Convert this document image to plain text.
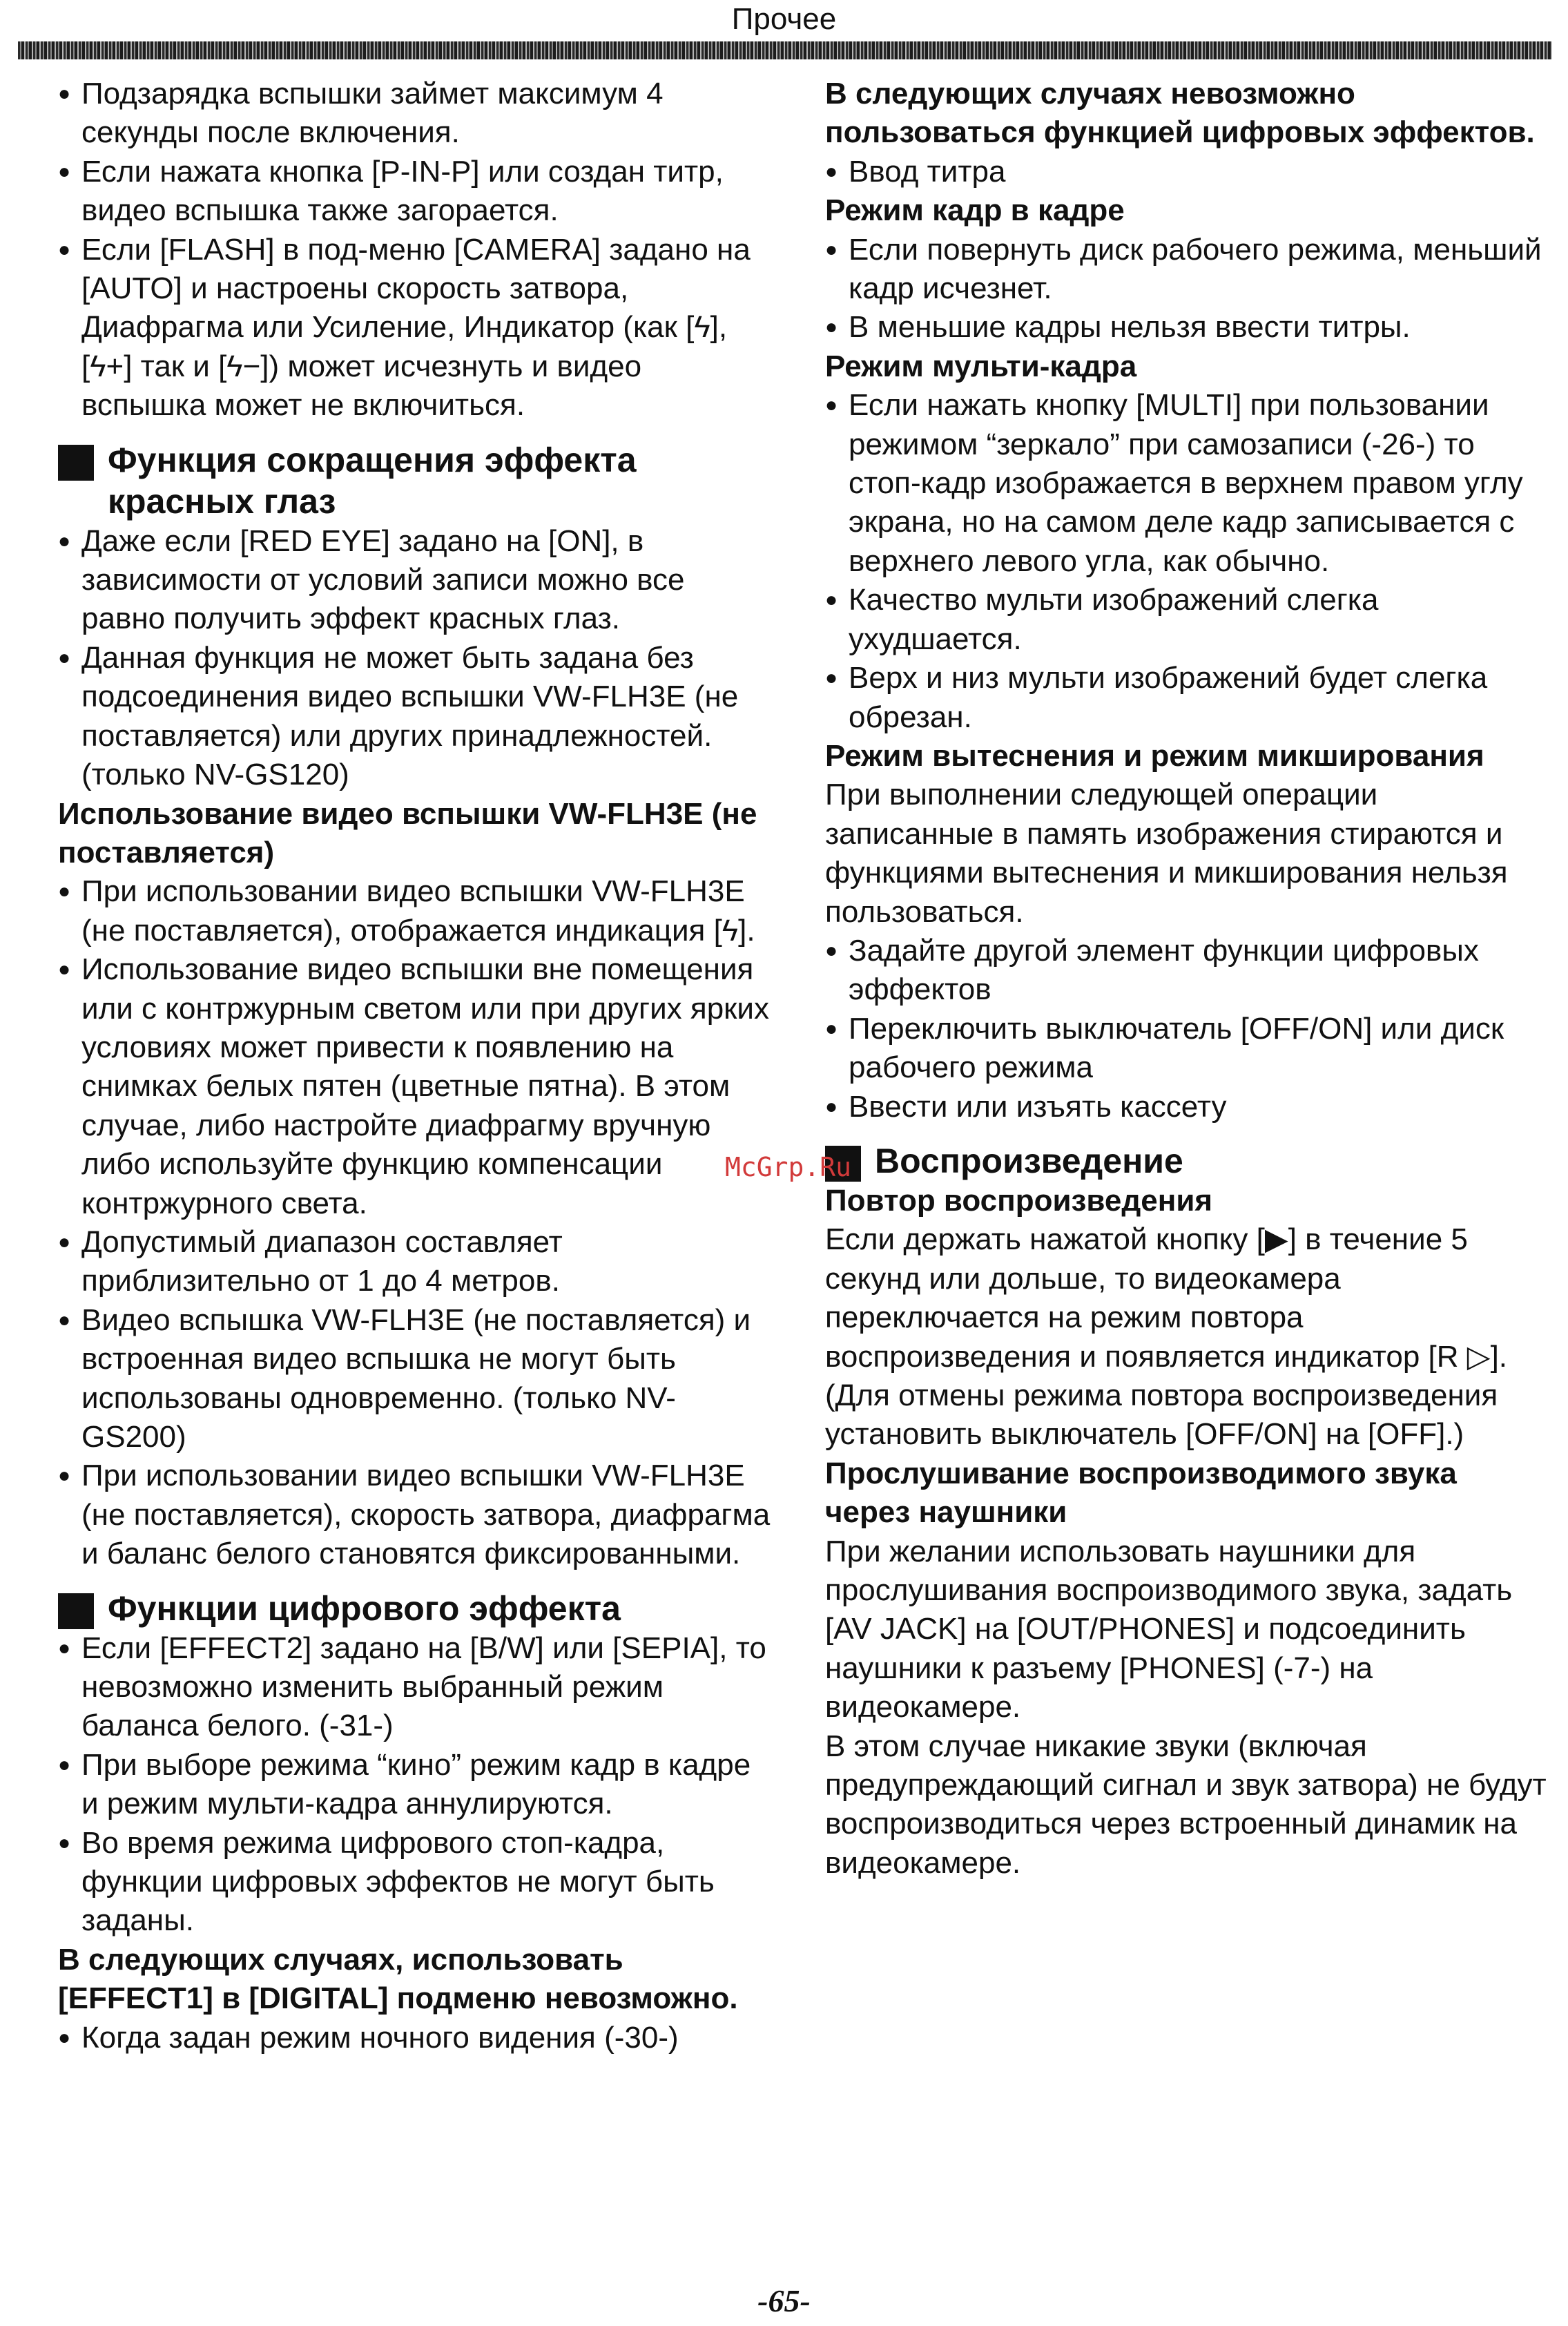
Прочее

● Подзарядка вспышки займет максимум 4 секунды после включения.

● Если нажата кнопка [P-IN-P] или создан титр, видео вспышка также загорается.

● Если [FLASH] в под-меню [CAMERA] задано на [AUTO] и настроены скорость затвора, Диафрагма или Усиление, Индикатор (как [ϟ], [ϟ+] так и [ϟ−]) может исчезнуть и видео вспышка может не включиться.

Функция сокращения эффекта красных глаз

● Даже если [RED EYE] задано на [ON], в зависимости от условий записи можно все равно получить эффект красных глаз.

● Данная функция не может быть задана без подсоединения видео вспышки VW-FLH3E (не поставляется) или других принадлежностей. (только NV-GS120)

Использование видео вспышки VW-FLH3E (не поставляется)

● При использовании видео вспышки VW-FLH3E (не поставляется), отображается индикация [ϟ].

● Использование видео вспышки вне помещения или с контржурным светом или при других ярких условиях может привести к появлению на снимках белых пятен (цветные пятна). В этом случае, либо настройте диафрагму вручную либо используйте функцию компенсации контржурного света.

● Допустимый диапазон составляет приблизительно от 1 до 4 метров.

● Видео вспышка VW-FLH3E (не поставляется) и встроенная видео вспышка не могут быть использованы одновременно. (только NV-GS200)

● При использовании видео вспышки VW-FLH3E (не поставляется), скорость затвора, диафрагма и баланс белого становятся фиксированными.

Функции цифрового эффекта

● Если [EFFECT2] задано на [B/W] или [SEPIA], то невозможно изменить выбранный режим баланса белого. (-31-)

● При выборе режима “кино” режим кадр в кадре и режим мульти-кадра аннулируются.

● Во время режима цифрового стоп-кадра, функции цифровых эффектов не могут быть заданы.

В следующих случаях, использовать [EFFECT1] в [DIGITAL] подменю невозможно.

● Когда задан режим ночного видения (-30-)

В следующих случаях невозможно пользоваться функцией цифровых эффектов.

● Ввод титра

Режим кадр в кадре

● Если повернуть диск рабочего режима, меньший кадр исчезнет.

● В меньшие кадры нельзя ввести титры.

Режим мульти-кадра

● Если нажать кнопку [MULTI] при пользовании режимом “зеркало” при самозаписи (-26-) то стоп-кадр изображается в верхнем правом углу экрана, но на самом деле кадр записывается с верхнего левого угла, как обычно.

● Качество мульти изображений слегка ухудшается.

● Верх и низ мульти изображений будет слегка обрезан.

Режим вытеснения и режим микширования

При выполнении следующей операции записанные в память изображения стираются и функциями вытеснения и микширования нельзя пользоваться.

● Задайте другой элемент функции цифровых эффектов

● Переключить выключатель [OFF/ON] или диск рабочего режима

● Ввести или изъять кассету

Воспроизведение

Повтор воспроизведения

Если держать нажатой кнопку [▶] в течение 5 секунд или дольше, то видеокамера переключается на режим повтора воспроизведения и появляется индикатор [R ▷]. (Для отмены режима повтора воспроизведения установить выключатель [OFF/ON] на [OFF].)

Прослушивание воспроизводимого звука через наушники

При желании использовать наушники для прослушивания воспроизводимого звука, задать [AV JACK] на [OUT/PHONES] и подсоединить наушники к разъему [PHONES] (-7-) на видеокамере.

В этом случае никакие звуки (включая предупреждающий сигнал и звук затвора) не будут воспроизводиться через встроенный динамик на видеокамере.

McGrp.Ru
-65-
